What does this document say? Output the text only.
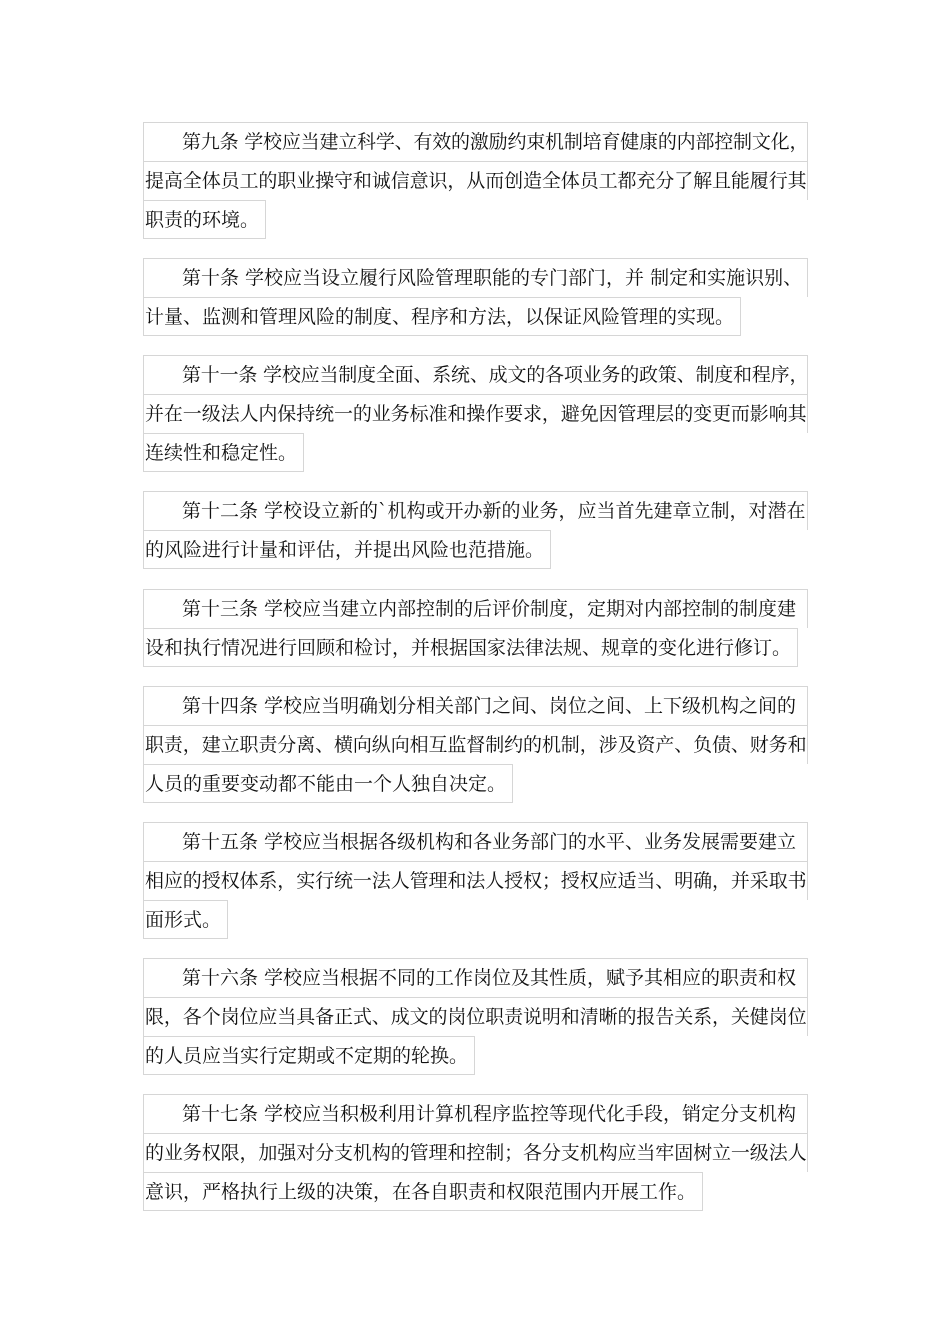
第九条 学校应当建立科学、有效的激励约束机制培育健康的内部控制文化，
提高全体员工的职业操守和诚信意识，从而创造全体员工都充分了解且能履行其
职责的环境。
第十条 学校应当设立履行风险管理职能的专门部门，并 制定和实施识别、
计量、监测和管理风险的制度、程序和方法，以保证风险管理的实现。
第十一条 学校应当制度全面、系统、成文的各项业务的政策、制度和程序，
并在一级法人内保持统一的业务标准和操作要求，避免因管理层的变更而影响其
连续性和稳定性。
第十二条 学校设立新的`机构或开办新的业务，应当首先建章立制，对潜在
的风险进行计量和评估，并提出风险也范措施。
第十三条 学校应当建立内部控制的后评价制度，定期对内部控制的制度建
设和执行情况进行回顾和检讨，并根据国家法律法规、规章的变化进行修订。
第十四条 学校应当明确划分相关部门之间、岗位之间、上下级机构之间的
职责，建立职责分离、横向纵向相互监督制约的机制，涉及资产、负债、财务和
人员的重要变动都不能由一个人独自决定。
第十五条 学校应当根据各级机构和各业务部门的水平、业务发展需要建立
相应的授权体系，实行统一法人管理和法人授权；授权应适当、明确，并采取书
面形式。
第十六条 学校应当根据不同的工作岗位及其性质，赋予其相应的职责和权
限，各个岗位应当具备正式、成文的岗位职责说明和清晰的报告关系，关健岗位
的人员应当实行定期或不定期的轮换。
第十七条 学校应当积极利用计算机程序监控等现代化手段，销定分支机构
的业务权限，加强对分支机构的管理和控制；各分支机构应当牢固树立一级法人
意识，严格执行上级的决策，在各自职责和权限范围内开展工作。
